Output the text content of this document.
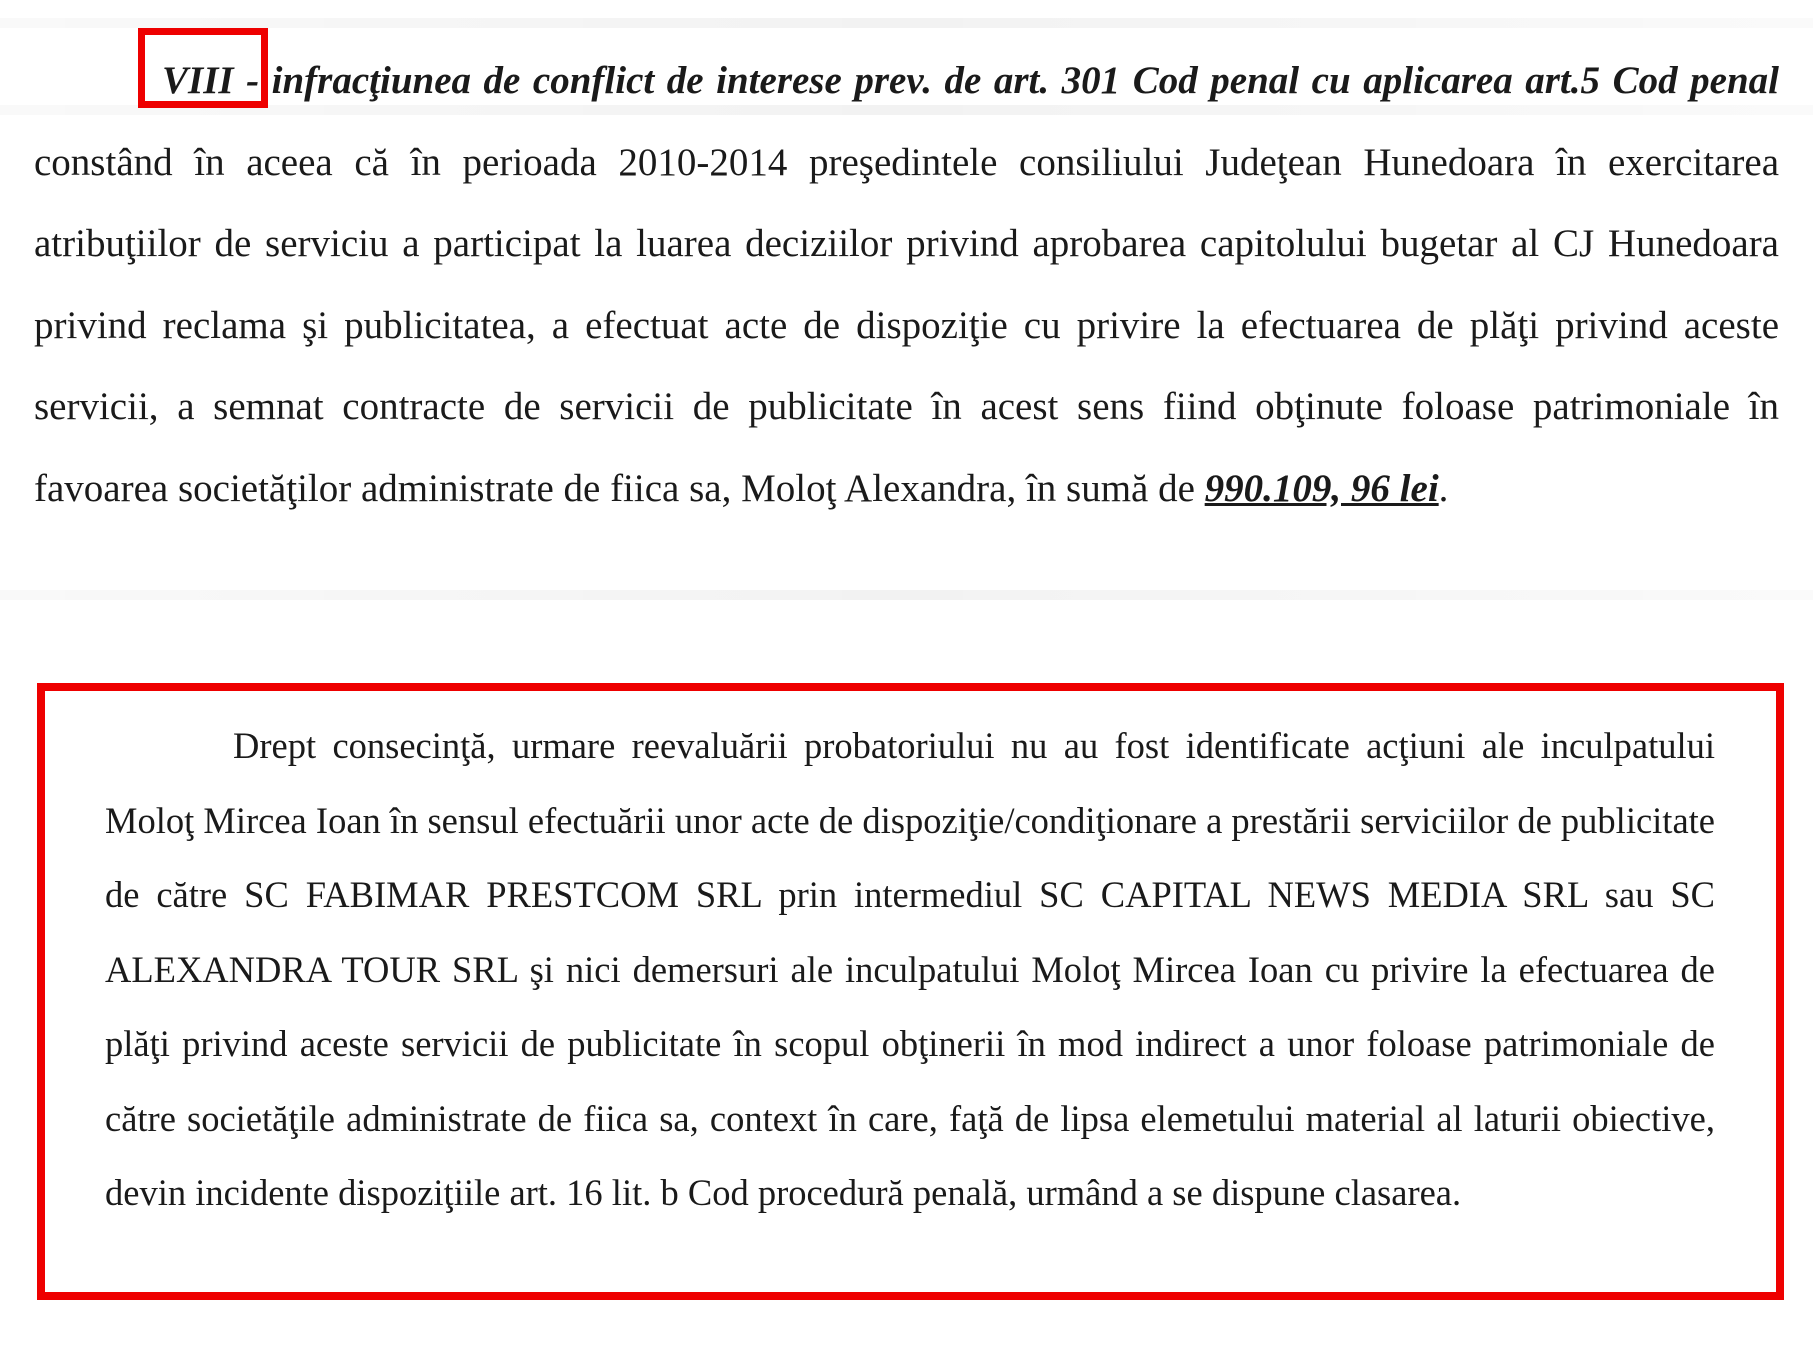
VIII - infracţiunea de conflict de interese prev. de art. 301 Cod penal cu aplicarea art.5 Cod penal constând în aceea că în perioada 2010-2014 preşedintele consiliului Judeţean Hunedoara în exercitarea atribuţiilor de serviciu a participat la luarea deciziilor privind aprobarea capitolului bugetar al CJ Hunedoara privind reclama şi publicitatea, a efectuat acte de dispoziţie cu privire la efectuarea de plăţi privind aceste servicii, a semnat contracte de servicii de publicitate în acest sens fiind obţinute foloase patrimoniale în favoarea societăţilor administrate de fiica sa, Moloţ Alexandra, în sumă de 990.109, 96 lei.
Drept consecinţă, urmare reevaluării probatoriului nu au fost identificate acţiuni ale inculpatului Moloţ Mircea Ioan în sensul efectuării unor acte de dispoziţie/condiţionare a prestării serviciilor de publicitate de către SC FABIMAR PRESTCOM SRL prin intermediul SC CAPITAL NEWS MEDIA SRL sau SC ALEXANDRA TOUR SRL şi nici demersuri ale inculpatului Moloţ Mircea Ioan cu privire la efectuarea de plăţi privind aceste servicii de publicitate în scopul obţinerii în mod indirect a unor foloase patrimoniale de către societăţile administrate de fiica sa, context în care, faţă de lipsa elemetului material al laturii obiective, devin incidente dispoziţiile art. 16 lit. b Cod procedură penală, urmând a se dispune clasarea.
